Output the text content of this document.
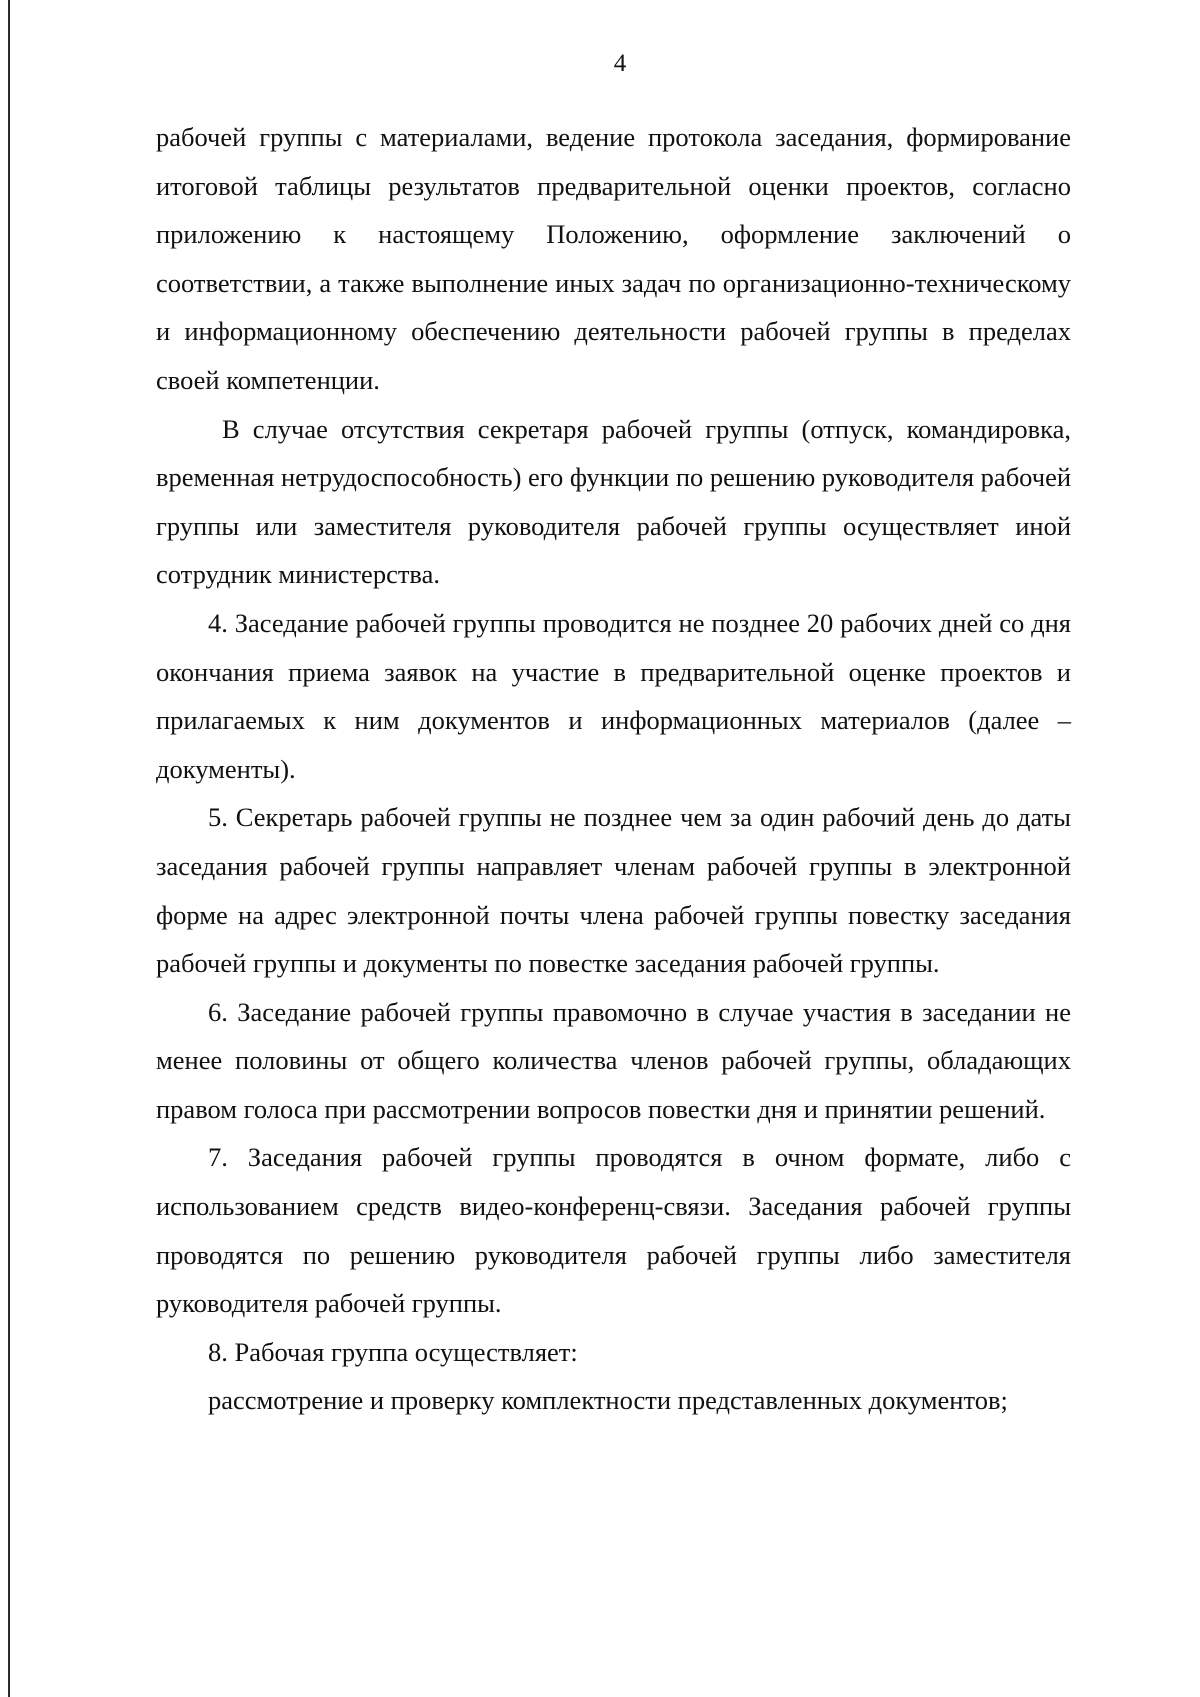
4

рабочей группы с материалами, ведение протокола заседания, формирование итоговой таблицы результатов предварительной оценки проектов, согласно приложению к настоящему Положению, оформление заключений о соответствии, а также выполнение иных задач по организационно-техническому и информационному обеспечению деятельности рабочей группы в пределах своей компетенции.

В случае отсутствия секретаря рабочей группы (отпуск, командировка, временная нетрудоспособность) его функции по решению руководителя рабочей группы или заместителя руководителя рабочей группы осуществляет иной сотрудник министерства.

4. Заседание рабочей группы проводится не позднее 20 рабочих дней со дня окончания приема заявок на участие в предварительной оценке проектов и прилагаемых к ним документов и информационных материалов (далее – документы).

5. Секретарь рабочей группы не позднее чем за один рабочий день до даты заседания рабочей группы направляет членам рабочей группы в электронной форме на адрес электронной почты члена рабочей группы повестку заседания рабочей группы и документы по повестке заседания рабочей группы.

6. Заседание рабочей группы правомочно в случае участия в заседании не менее половины от общего количества членов рабочей группы, обладающих правом голоса при рассмотрении вопросов повестки дня и принятии решений.

7. Заседания рабочей группы проводятся в очном формате, либо с использованием средств видео-конференц-связи. Заседания рабочей группы проводятся по решению руководителя рабочей группы либо заместителя руководителя рабочей группы.

8. Рабочая группа осуществляет:

рассмотрение и проверку комплектности представленных документов;
